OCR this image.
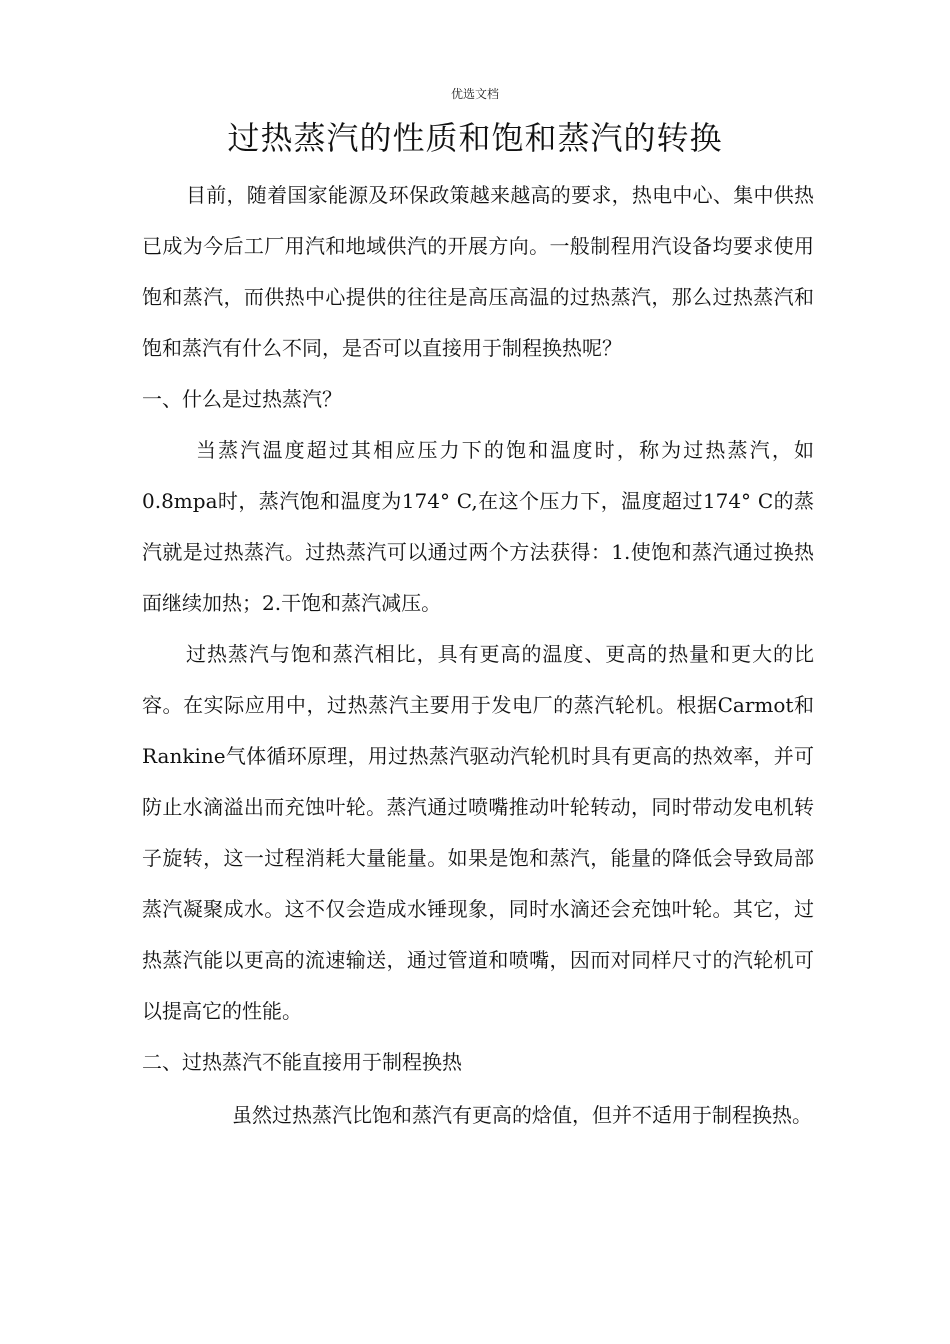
优选文档
过热蒸汽的性质和饱和蒸汽的转换

目前，随着国家能源及环保政策越来越高的要求，热电中心、集中供热已成为今后工厂用汽和地域供汽的开展方向。一般制程用汽设备均要求使用饱和蒸汽，而供热中心提供的往往是高压高温的过热蒸汽，那么过热蒸汽和饱和蒸汽有什么不同，是否可以直接用于制程换热呢？

一、什么是过热蒸汽？

当蒸汽温度超过其相应压力下的饱和温度时，称为过热蒸汽，如0.8mpa时，蒸汽饱和温度为174° C,在这个压力下，温度超过174° C的蒸汽就是过热蒸汽。过热蒸汽可以通过两个方法获得：1.使饱和蒸汽通过换热面继续加热；2.干饱和蒸汽减压。

过热蒸汽与饱和蒸汽相比，具有更高的温度、更高的热量和更大的比容。在实际应用中，过热蒸汽主要用于发电厂的蒸汽轮机。根据Carmot和Rankine气体循环原理，用过热蒸汽驱动汽轮机时具有更高的热效率，并可防止水滴溢出而充蚀叶轮。蒸汽通过喷嘴推动叶轮转动，同时带动发电机转子旋转，这一过程消耗大量能量。如果是饱和蒸汽，能量的降低会导致局部蒸汽凝聚成水。这不仅会造成水锤现象，同时水滴还会充蚀叶轮。其它，过热蒸汽能以更高的流速输送，通过管道和喷嘴，因而对同样尺寸的汽轮机可以提高它的性能。

二、过热蒸汽不能直接用于制程换热

虽然过热蒸汽比饱和蒸汽有更高的焓值，但并不适用于制程换热。
